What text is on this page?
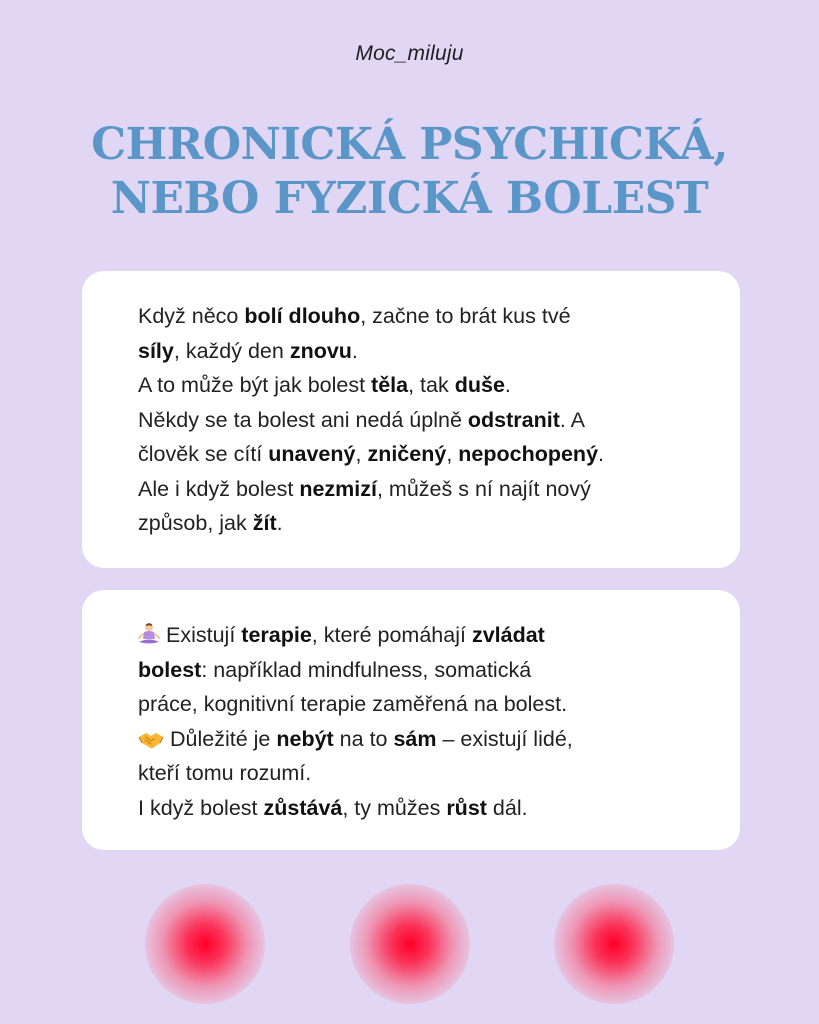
Moc_miluju
CHRONICKÁ PSYCHICKÁ,
NEBO FYZICKÁ BOLEST
Když něco bolí dlouho, začne to brát kus tvé
síly, každý den znovu.
A to může být jak bolest těla, tak duše.
Někdy se ta bolest ani nedá úplně odstranit. A
člověk se cítí unavený, zničený, nepochopený.
Ale i když bolest nezmizí, můžeš s ní najít nový
způsob, jak žít.
Existují terapie, které pomáhají zvládat
bolest: například mindfulness, somatická
práce, kognitivní terapie zaměřená na bolest.
Důležité je nebýt na to sám – existují lidé,
kteří tomu rozumí.
I když bolest zůstává, ty můžes růst dál.
